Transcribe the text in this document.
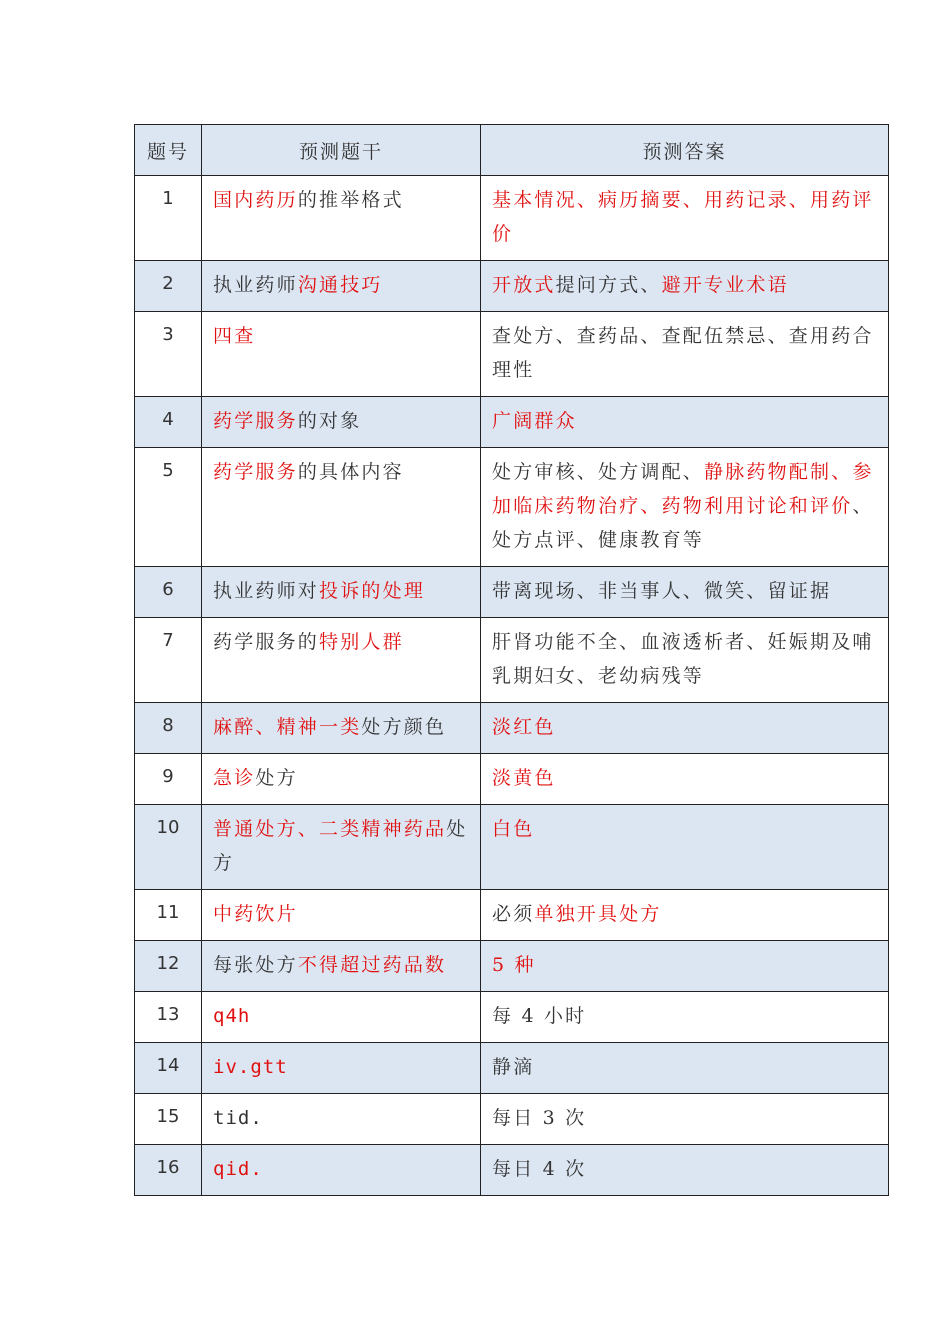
题号	预测题干	预测答案
1	国内药历的推举格式	基本情况、病历摘要、用药记录、用药评价
2	执业药师沟通技巧	开放式提问方式、避开专业术语
3	四查	查处方、查药品、查配伍禁忌、查用药合理性
4	药学服务的对象	广阔群众
5	药学服务的具体内容	处方审核、处方调配、静脉药物配制、参加临床药物治疗、药物利用讨论和评价、处方点评、健康教育等
6	执业药师对投诉的处理	带离现场、非当事人、微笑、留证据
7	药学服务的特别人群	肝肾功能不全、血液透析者、妊娠期及哺乳期妇女、老幼病残等
8	麻醉、精神一类处方颜色	淡红色
9	急诊处方	淡黄色
10	普通处方、二类精神药品处方	白色
11	中药饮片	必须单独开具处方
12	每张处方不得超过药品数	5 种
13	q4h	每 4 小时
14	iv.gtt	静滴
15	tid.	每日 3 次
16	qid.	每日 4 次
